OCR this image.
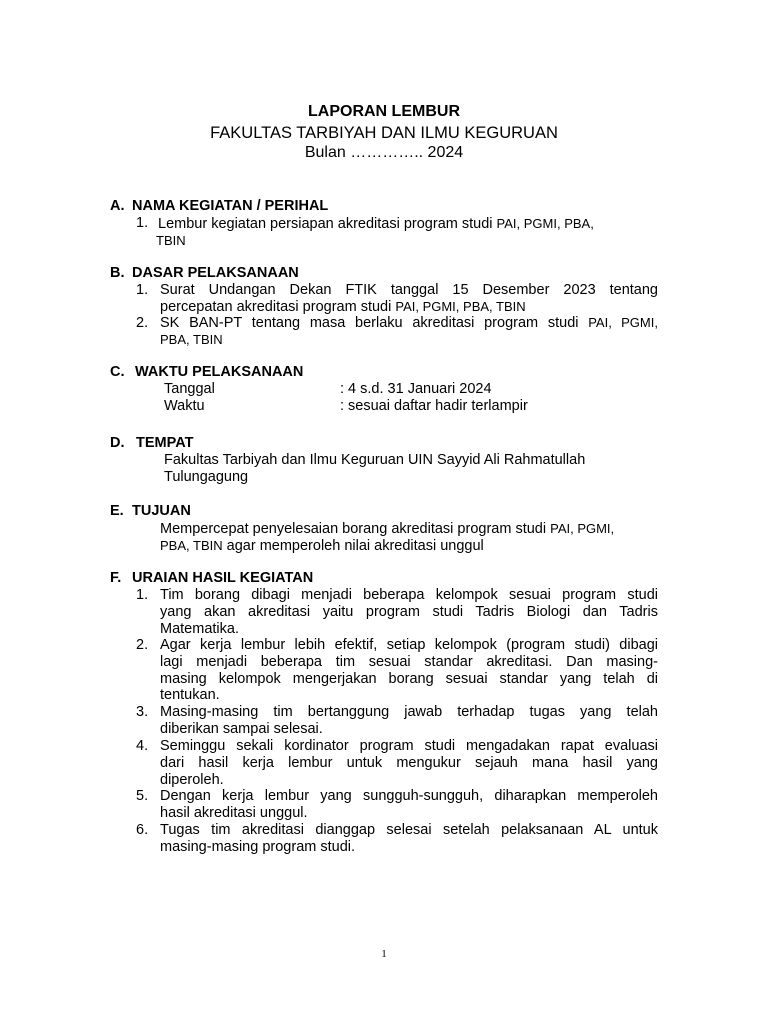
LAPORAN LEMBUR
FAKULTAS TARBIYAH DAN ILMU KEGURUAN
Bulan ………….. 2024
A. NAMA KEGIATAN / PERIHAL
1. Lembur kegiatan persiapan akreditasi program studi PAI, PGMI, PBA,
TBIN
B. DASAR PELAKSANAAN
1. Surat Undangan Dekan FTIK tanggal 15 Desember 2023 tentang
percepatan akreditasi program studi PAI, PGMI, PBA, TBIN
2. SK BAN-PT tentang masa berlaku akreditasi program studi PAI, PGMI,
PBA, TBIN
C. WAKTU PELAKSANAAN
Tanggal	: 4 s.d. 31 Januari 2024
Waktu	: sesuai daftar hadir terlampir
D. TEMPAT
Fakultas Tarbiyah dan Ilmu Keguruan UIN Sayyid Ali Rahmatullah
Tulungagung
E. TUJUAN
Mempercepat penyelesaian borang akreditasi program studi PAI, PGMI,
PBA, TBIN agar memperoleh nilai akreditasi unggul
F. URAIAN HASIL KEGIATAN
1. Tim borang dibagi menjadi beberapa kelompok sesuai program studi
yang akan akreditasi yaitu program studi Tadris Biologi dan Tadris
Matematika.
2. Agar kerja lembur lebih efektif, setiap kelompok (program studi) dibagi
lagi menjadi beberapa tim sesuai standar akreditasi. Dan masing-
masing kelompok mengerjakan borang sesuai standar yang telah di
tentukan.
3. Masing-masing tim bertanggung jawab terhadap tugas yang telah
diberikan sampai selesai.
4. Seminggu sekali kordinator program studi mengadakan rapat evaluasi
dari hasil kerja lembur untuk mengukur sejauh mana hasil yang
diperoleh.
5. Dengan kerja lembur yang sungguh-sungguh, diharapkan memperoleh
hasil akreditasi unggul.
6. Tugas tim akreditasi dianggap selesai setelah pelaksanaan AL untuk
masing-masing program studi.
1
